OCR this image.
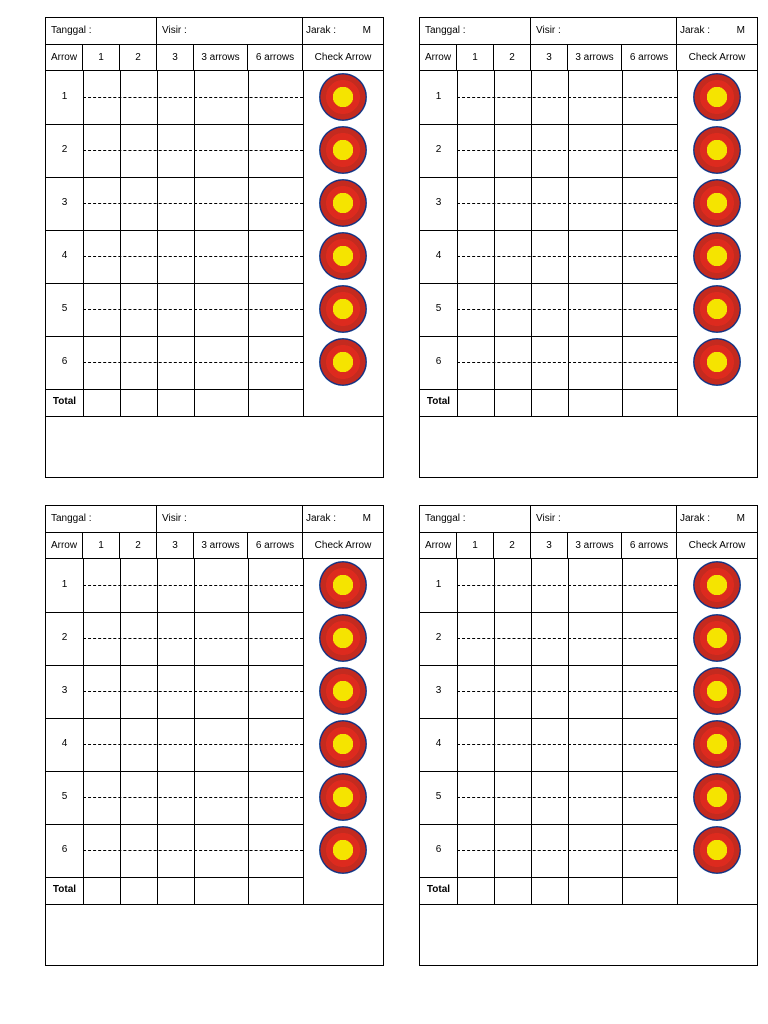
Tanggal :	Visir :	Jarak :	M
Arrow	1	2	3	3 arrows	6 arrows	Check Arrow
1
2
3
4
5
6
Total
Tanggal :	Visir :	Jarak :	M
Arrow	1	2	3	3 arrows	6 arrows	Check Arrow
1
2
3
4
5
6
Total
Tanggal :	Visir :	Jarak :	M
Arrow	1	2	3	3 arrows	6 arrows	Check Arrow
1
2
3
4
5
6
Total
Tanggal :	Visir :	Jarak :	M
Arrow	1	2	3	3 arrows	6 arrows	Check Arrow
1
2
3
4
5
6
Total
